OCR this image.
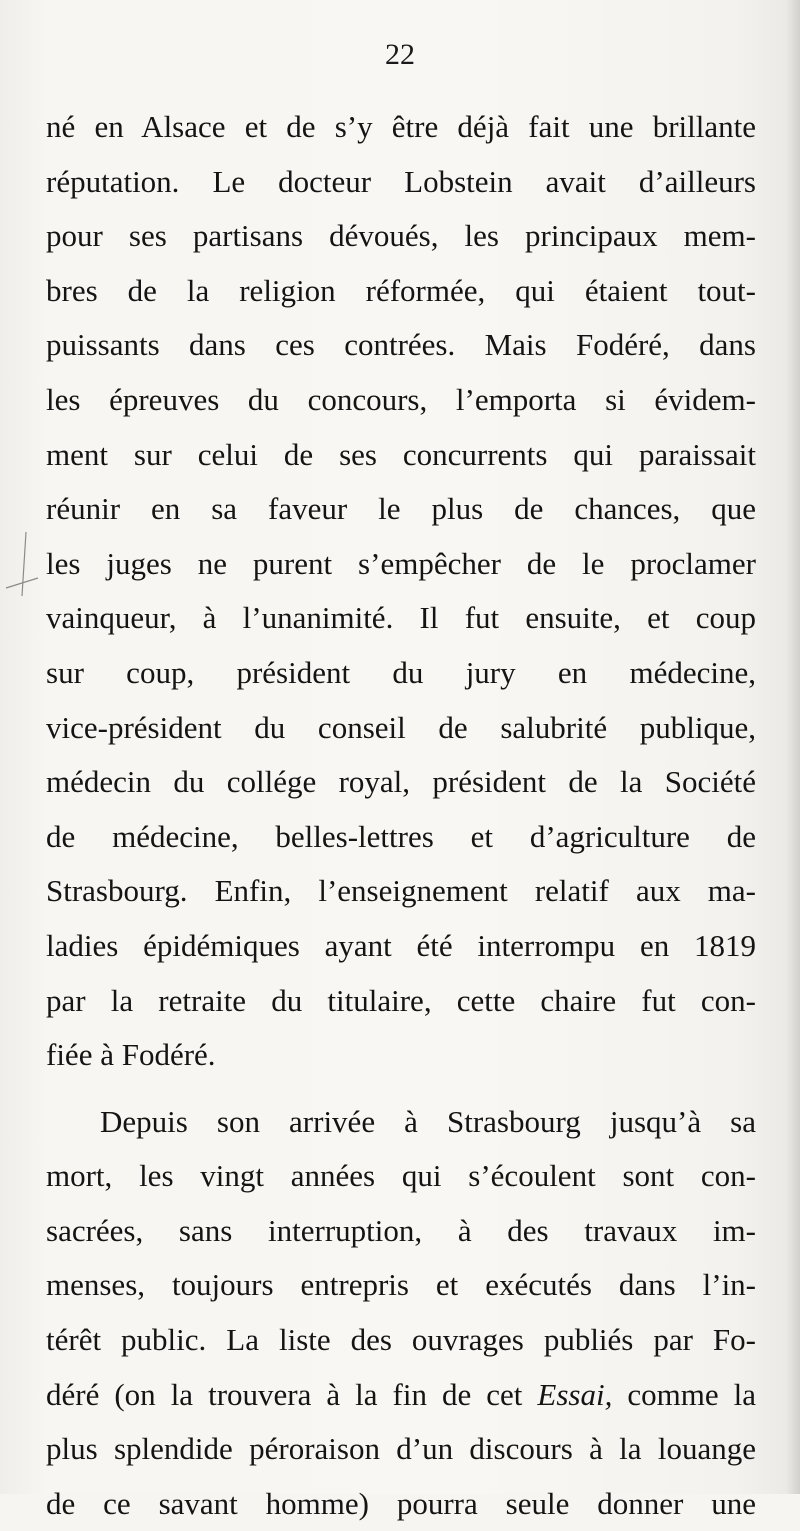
22
né en Alsace et de s’y être déjà fait une brillante
réputation. Le docteur Lobstein avait d’ailleurs
pour ses partisans dévoués, les principaux mem-
bres de la religion réformée, qui étaient tout-
puissants dans ces contrées. Mais Fodéré, dans
les épreuves du concours, l’emporta si évidem-
ment sur celui de ses concurrents qui paraissait
réunir en sa faveur le plus de chances, que
les juges ne purent s’empêcher de le proclamer
vainqueur, à l’unanimité. Il fut ensuite, et coup
sur coup, président du jury en médecine,
vice-président du conseil de salubrité publique,
médecin du collége royal, président de la Société
de médecine, belles-lettres et d’agriculture de
Strasbourg. Enfin, l’enseignement relatif aux ma-
ladies épidémiques ayant été interrompu en 1819
par la retraite du titulaire, cette chaire fut con-
fiée à Fodéré.
Depuis son arrivée à Strasbourg jusqu’à sa
mort, les vingt années qui s’écoulent sont con-
sacrées, sans interruption, à des travaux im-
menses, toujours entrepris et exécutés dans l’in-
térêt public. La liste des ouvrages publiés par Fo-
déré (on la trouvera à la fin de cet Essai, comme la
plus splendide péroraison d’un discours à la louange
de ce savant homme) pourra seule donner une
